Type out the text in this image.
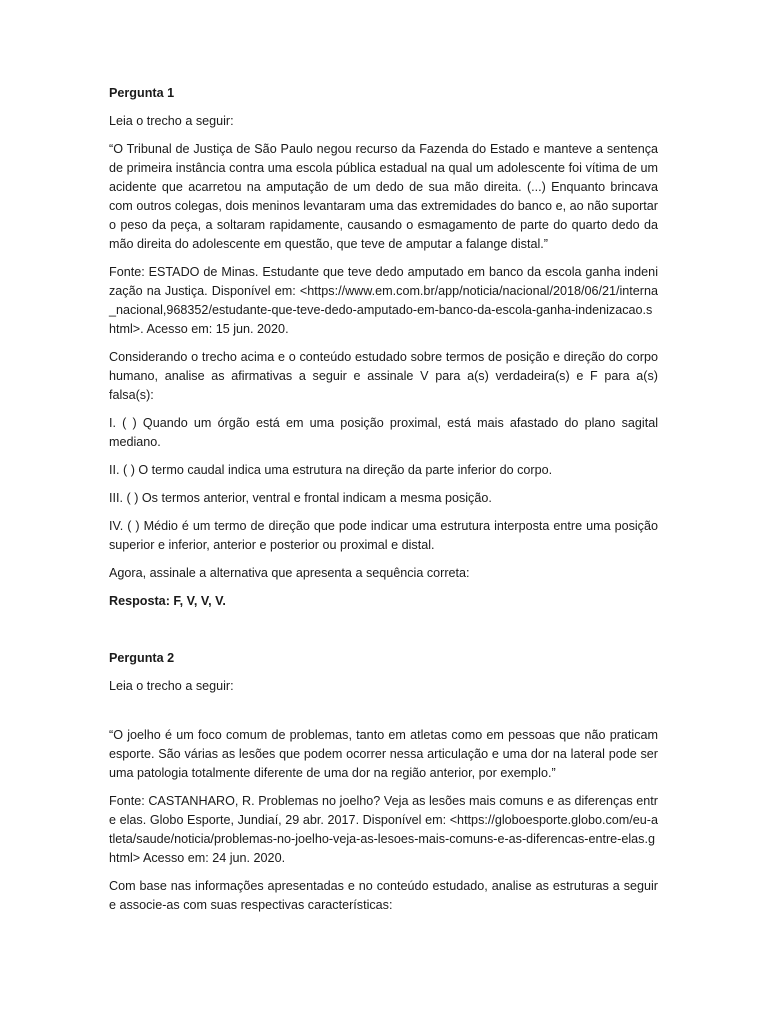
Pergunta 1

Leia o trecho a seguir:

“O Tribunal de Justiça de São Paulo negou recurso da Fazenda do Estado e manteve a sentença de primeira instância contra uma escola pública estadual na qual um adolescente foi vítima de um acidente que acarretou na amputação de um dedo de sua mão direita. (...) Enquanto brincava com outros colegas, dois meninos levantaram uma das extremidades do banco e, ao não suportar o peso da peça, a soltaram rapidamente, causando o esmagamento de parte do quarto dedo da mão direita do adolescente em questão, que teve de amputar a falange distal.”

Fonte: ESTADO de Minas. Estudante que teve dedo amputado em banco da escola ganha indenização na Justiça. Disponível em: <https://www.em.com.br/app/noticia/nacional/2018/06/21/interna_nacional,968352/estudante-que-teve-dedo-amputado-em-banco-da-escola-ganha-indenizacao.shtml>. Acesso em: 15 jun. 2020.

Considerando o trecho acima e o conteúdo estudado sobre termos de posição e direção do corpo humano, analise as afirmativas a seguir e assinale V para a(s) verdadeira(s) e F para a(s) falsa(s):

I. ( ) Quando um órgão está em uma posição proximal, está mais afastado do plano sagital mediano.

II. ( ) O termo caudal indica uma estrutura na direção da parte inferior do corpo.

III. ( ) Os termos anterior, ventral e frontal indicam a mesma posição.

IV. ( ) Médio é um termo de direção que pode indicar uma estrutura interposta entre uma posição superior e inferior, anterior e posterior ou proximal e distal.

Agora, assinale a alternativa que apresenta a sequência correta:

Resposta: F, V, V, V.

Pergunta 2

Leia o trecho a seguir:

“O joelho é um foco comum de problemas, tanto em atletas como em pessoas que não praticam esporte. São várias as lesões que podem ocorrer nessa articulação e uma dor na lateral pode ser uma patologia totalmente diferente de uma dor na região anterior, por exemplo.”

Fonte: CASTANHARO, R. Problemas no joelho? Veja as lesões mais comuns e as diferenças entre elas. Globo Esporte, Jundiaí, 29 abr. 2017. Disponível em: <https://globoesporte.globo.com/eu-atleta/saude/noticia/problemas-no-joelho-veja-as-lesoes-mais-comuns-e-as-diferencas-entre-elas.ghtml> Acesso em: 24 jun. 2020.

Com base nas informações apresentadas e no conteúdo estudado, analise as estruturas a seguir e associe-as com suas respectivas características:
